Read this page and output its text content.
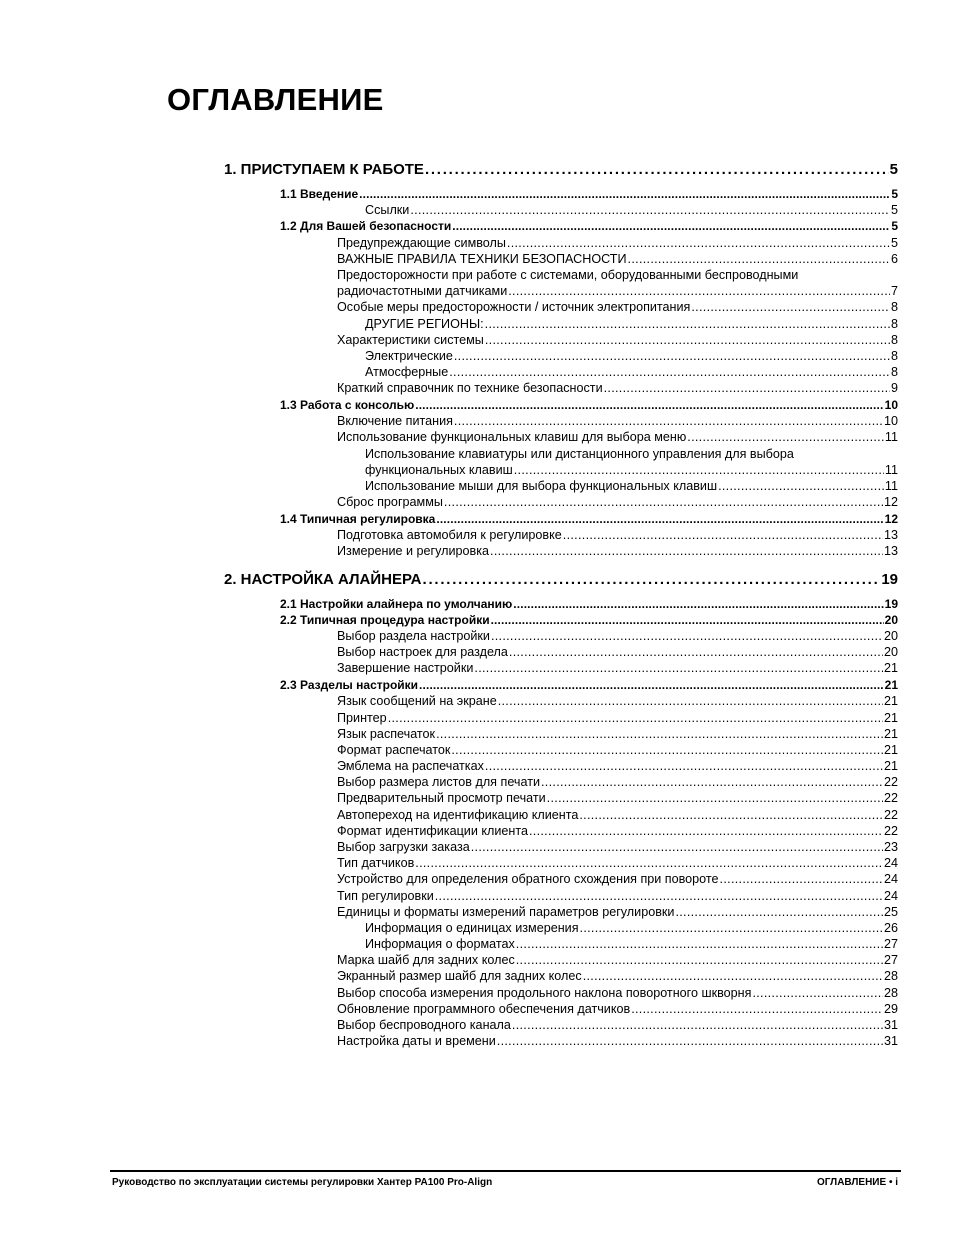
ОГЛАВЛЕНИЕ
1. ПРИСТУПАЕМ К РАБОТЕ . . .	5
1.1 Введение . . .	5
Ссылки . . .	5
1.2 Для Вашей безопасности . . .	5
Предупреждающие символы . . .	5
ВАЖНЫЕ ПРАВИЛА ТЕХНИКИ БЕЗОПАСНОСТИ . . .	6
Предосторожности при работе с системами, оборудованными беспроводными
радиочастотными датчиками . . .	7
Особые меры предосторожности / источник электропитания . . .	8
ДРУГИЕ РЕГИОНЫ: . . .	8
Характеристики системы . . .	8
Электрические . . .	8
Атмосферные . . .	8
Краткий справочник по технике безопасности . . .	9
1.3 Работа с консолью . . .	10
Включение питания . . .	10
Использование функциональных клавиш для выбора меню . . .	11
Использование клавиатуры или дистанционного управления для выбора
функциональных клавиш . . .	11
Использование мыши для выбора функциональных клавиш . . .	11
Сброс программы . . .	12
1.4 Типичная регулировка . . .	12
Подготовка автомобиля к регулировке . . .	13
Измерение и регулировка . . .	13
2. НАСТРОЙКА АЛАЙНЕРА . . .	19
2.1 Настройки алайнера по умолчанию . . .	19
2.2 Типичная процедура настройки . . .	20
Выбор раздела настройки . . .	20
Выбор настроек для раздела . . .	20
Завершение настройки . . .	21
2.3 Разделы настройки . . .	21
Язык сообщений на экране . . .	21
Принтер . . .	21
Язык распечаток . . .	21
Формат распечаток . . .	21
Эмблема на распечатках . . .	21
Выбор размера листов для печати . . .	22
Предварительный просмотр печати . . .	22
Автопереход на идентификацию клиента . . .	22
Формат идентификации клиента . . .	22
Выбор загрузки заказа . . .	23
Тип датчиков . . .	24
Устройство для определения обратного схождения при повороте . . .	24
Тип регулировки . . .	24
Единицы и форматы измерений параметров регулировки . . .	25
Информация о единицах измерения . . .	26
Информация о форматах . . .	27
Марка шайб для задних колес . . .	27
Экранный размер шайб для задних колес . . .	28
Выбор способа измерения продольного наклона поворотного шкворня . . .	28
Обновление программного обеспечения датчиков . . .	29
Выбор беспроводного канала . . .	31
Настройка даты и времени . . .	31
Руководство по эксплуатации системы регулировки Хантер PA100 Pro-Align	ОГЛАВЛЕНИЕ • i
